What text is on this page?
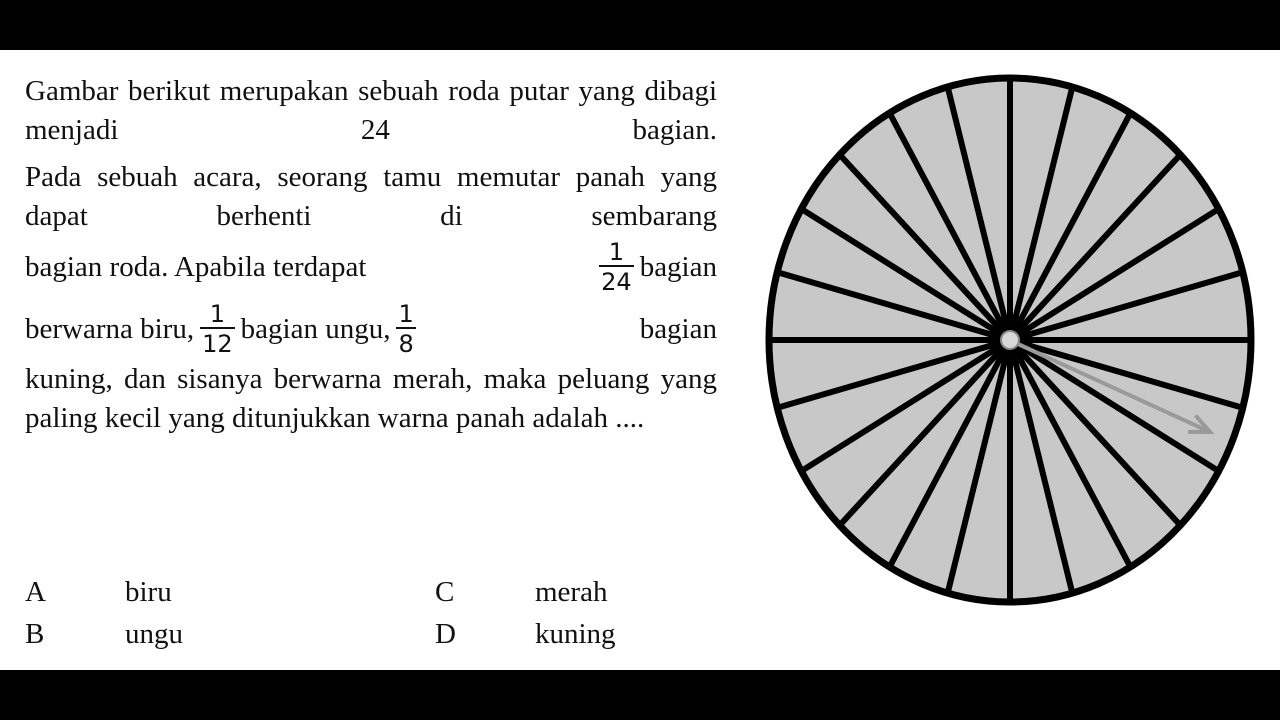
Gambar berikut merupakan sebuah roda putar yang dibagi menjadi 24 bagian.

Pada sebuah acara, seorang tamu memutar panah yang dapat berhenti di sembarang

bagian roda. Apabila terdapat	$\frac{1}{24}$ bagian
berwarna biru, $\frac{1}{12}$ bagian ungu, $\frac{1}{8}$	bagian

kuning, dan sisanya berwarna merah, maka peluang yang paling kecil yang ditunjukkan warna panah adalah ....

A	biru
B	ungu
C	merah
D	kuning
